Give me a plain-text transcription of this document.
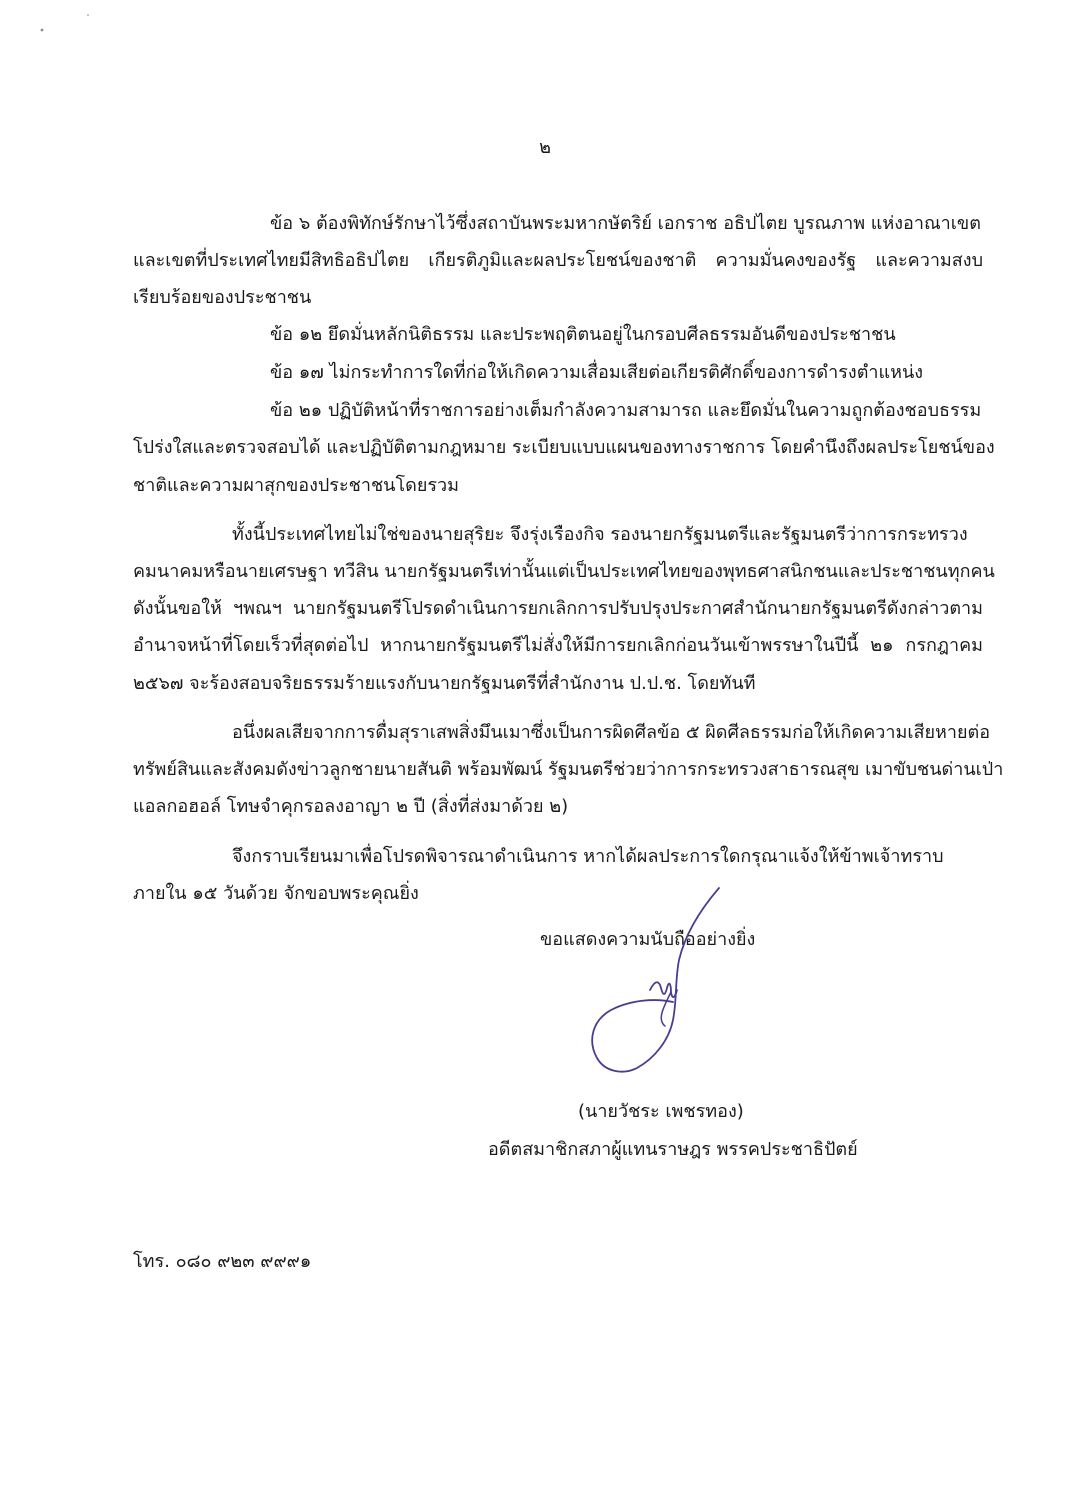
๒
ข้อ ๖ ต้องพิทักษ์รักษาไว้ซึ่งสถาบันพระมหากษัตริย์ เอกราช อธิปไตย บูรณภาพ แห่งอาณาเขต
และเขตที่ประเทศไทยมีสิทธิอธิปไตย เกียรติภูมิและผลประโยชน์ของชาติ ความมั่นคงของรัฐ และความสงบ
เรียบร้อยของประชาชน
ข้อ ๑๒ ยึดมั่นหลักนิติธรรม และประพฤติตนอยู่ในกรอบศีลธรรมอันดีของประชาชน
ข้อ ๑๗ ไม่กระทำการใดที่ก่อให้เกิดความเสื่อมเสียต่อเกียรติศักดิ์ของการดำรงตำแหน่ง
ข้อ ๒๑ ปฏิบัติหน้าที่ราชการอย่างเต็มกำลังความสามารถ และยึดมั่นในความถูกต้องชอบธรรม
โปร่งใสและตรวจสอบได้ และปฏิบัติตามกฎหมาย ระเบียบแบบแผนของทางราชการ โดยคำนึงถึงผลประโยชน์ของ
ชาติและความผาสุกของประชาชนโดยรวม
ทั้งนี้ประเทศไทยไม่ใช่ของนายสุริยะ จึงรุ่งเรืองกิจ รองนายกรัฐมนตรีและรัฐมนตรีว่าการกระทรวง
คมนาคมหรือนายเศรษฐา ทวีสิน นายกรัฐมนตรีเท่านั้นแต่เป็นประเทศไทยของพุทธศาสนิกชนและประชาชนทุกคน
ดังนั้นขอให้ ฯพณฯ นายกรัฐมนตรีโปรดดำเนินการยกเลิกการปรับปรุงประกาศสำนักนายกรัฐมนตรีดังกล่าวตาม
อำนาจหน้าที่โดยเร็วที่สุดต่อไป หากนายกรัฐมนตรีไม่สั่งให้มีการยกเลิกก่อนวันเข้าพรรษาในปีนี้ ๒๑ กรกฎาคม
๒๕๖๗ จะร้องสอบจริยธรรมร้ายแรงกับนายกรัฐมนตรีที่สำนักงาน ป.ป.ช. โดยทันที
อนึ่งผลเสียจากการดื่มสุราเสพสิ่งมึนเมาซึ่งเป็นการผิดศีลข้อ ๕ ผิดศีลธรรมก่อให้เกิดความเสียหายต่อ
ทรัพย์สินและสังคมดังข่าวลูกชายนายสันติ พร้อมพัฒน์ รัฐมนตรีช่วยว่าการกระทรวงสาธารณสุข เมาขับชนด่านเป่า
แอลกอฮอล์ โทษจำคุกรอลงอาญา ๒ ปี (สิ่งที่ส่งมาด้วย ๒)
จึงกราบเรียนมาเพื่อโปรดพิจารณาดำเนินการ หากได้ผลประการใดกรุณาแจ้งให้ข้าพเจ้าทราบ
ภายใน ๑๕ วันด้วย จักขอบพระคุณยิ่ง
ขอแสดงความนับถืออย่างยิ่ง
(นายวัชระ เพชรทอง)
อดีตสมาชิกสภาผู้แทนราษฎร พรรคประชาธิปัตย์
โทร. ๐๘๐ ๙๒๓ ๙๙๙๑
